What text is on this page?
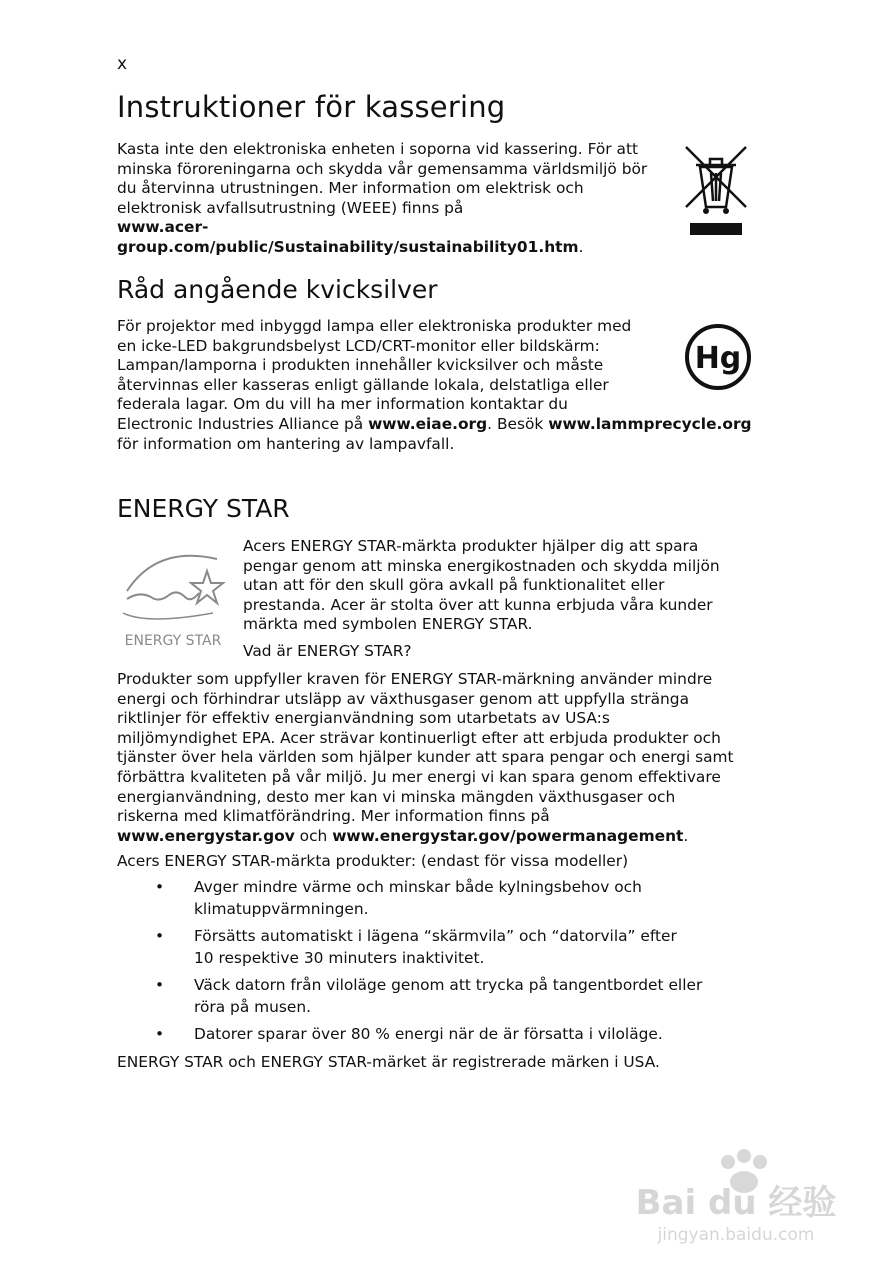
x
Instruktioner för kassering

Kasta inte den elektroniska enheten i soporna vid kassering. För att

minska föroreningarna och skydda vår gemensamma världsmiljö bör

du återvinna utrustningen. Mer information om elektrisk och

elektronisk avfallsutrustning (WEEE) finns på

www.acer-group.com/public/Sustainability/sustainability01.htm.

Råd angående kvicksilver

För projektor med inbyggd lampa eller elektroniska produkter med

en icke-LED bakgrundsbelyst LCD/CRT-monitor eller bildskärm:

Lampan/lamporna i produkten innehåller kvicksilver och måste

återvinnas eller kasseras enligt gällande lokala, delstatliga eller

federala lagar. Om du vill ha mer information kontaktar du

Electronic Industries Alliance på www.eiae.org. Besök www.lammprecycle.org

för information om hantering av lampavfall.

Hg
ENERGY STAR
ENERGY STAR

Acers ENERGY STAR-märkta produkter hjälper dig att spara

pengar genom att minska energikostnaden och skydda miljön

utan att för den skull göra avkall på funktionalitet eller

prestanda. Acer är stolta över att kunna erbjuda våra kunder

märkta med symbolen ENERGY STAR.

Vad är ENERGY STAR?

Produkter som uppfyller kraven för ENERGY STAR-märkning använder mindre

energi och förhindrar utsläpp av växthusgaser genom att uppfylla stränga

riktlinjer för effektiv energianvändning som utarbetats av USA:s

miljömyndighet EPA. Acer strävar kontinuerligt efter att erbjuda produkter och

tjänster över hela världen som hjälper kunder att spara pengar och energi samt

förbättra kvaliteten på vår miljö. Ju mer energi vi kan spara genom effektivare

energianvändning, desto mer kan vi minska mängden växthusgaser och

riskerna med klimatförändring. Mer information finns på

www.energystar.gov och www.energystar.gov/powermanagement.

Acers ENERGY STAR-märkta produkter: (endast för vissa modeller)

• Avger mindre värme och minskar både kylningsbehov och
klimatuppvärmningen.
• Försätts automatiskt i lägena “skärmvila” och “datorvila” efter
10 respektive 30 minuters inaktivitet.
• Väck datorn från viloläge genom att trycka på tangentbordet eller
röra på musen.
• Datorer sparar över 80 % energi när de är försatta i viloläge.

ENERGY STAR och ENERGY STAR-märket är registrerade märken i USA.

Bai du 经验
jingyan.baidu.com
